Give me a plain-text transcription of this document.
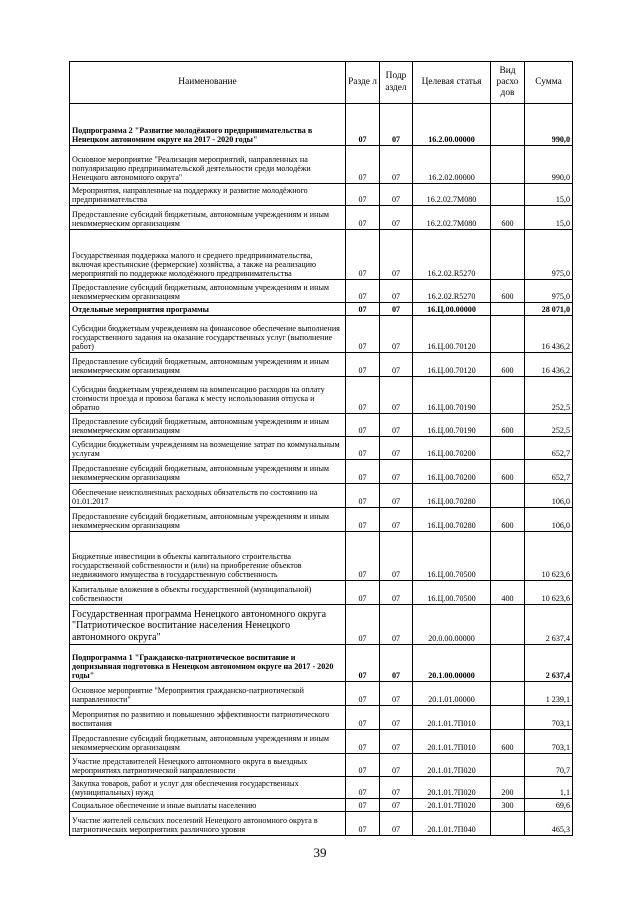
Наименование	Разде л	Подр аздел	Целевая статья	Вид расхо дов	Сумма
Подпрограмма 2 "Развитие молодёжного предпринимательства в Ненецком автономном округе на 2017 - 2020 годы"	07	07	16.2.00.00000		990,0
Основное мероприятие "Реализация мероприятий, направленных на популяризацию предпринимательской деятельности среди молодёжи Ненецкого автономного округа"	07	07	16.2.02.00000		990,0
Мероприятия, направленные на поддержку и развитие молодёжного предпринимательства	07	07	16.2.02.7М080		15,0
Предоставление субсидий бюджетным, автономным учреждениям и иным некоммерческим организациям	07	07	16.2.02.7М080	600	15,0
Государственная поддержка малого и среднего предпринимательства, включая крестьянские (фермерские) хозяйства, а также на реализацию мероприятий по поддержке молодёжного предпринимательства	07	07	16.2.02.R5270		975,0
Предоставление субсидий бюджетным, автономным учреждениям и иным некоммерческим организациям	07	07	16.2.02.R5270	600	975,0
Отдельные мероприятия программы	07	07	16.Ц.00.00000		28 071,0
Субсидии бюджетным учреждениям на финансовое обеспечение выполнения государственного задания на оказание государственных услуг (выполнение работ)	07	07	16.Ц.00.70120		16 436,2
Предоставление субсидий бюджетным, автономным учреждениям и иным некоммерческим организациям	07	07	16.Ц.00.70120	600	16 436,2
Субсидии бюджетным учреждениям на компенсацию расходов на оплату стоимости проезда и провоза багажа к месту использования отпуска и обратно	07	07	16.Ц.00.70190		252,5
Предоставление субсидий бюджетным, автономным учреждениям и иным некоммерческим организациям	07	07	16.Ц.00.70190	600	252,5
Субсидии бюджетным учреждениям на возмещение затрат по коммунальным услугам	07	07	16.Ц.00.70200		652,7
Предоставление субсидий бюджетным, автономным учреждениям и иным некоммерческим организациям	07	07	16.Ц.00.70200	600	652,7
Обеспечение неисполненных расходных обязательств по состоянию на 01.01.2017	07	07	16.Ц.00.70280		106,0
Предоставление субсидий бюджетным, автономным учреждениям и иным некоммерческим организациям	07	07	16.Ц.00.70280	600	106,0
Бюджетные инвестиции в объекты капитального строительства государственной собственности и (или) на приобретение объектов недвижимого имущества в государственную собственность	07	07	16.Ц.00.70500		10 623,6
Капитальные вложения в объекты государственной (муниципальной) собственности	07	07	16.Ц.00.70500	400	10 623,6
Государственная программа Ненецкого автономного округа "Патриотическое воспитание населения Ненецкого автономного округа"	07	07	20.0.00.00000		2 637,4
Подпрограмма 1 "Гражданско-патриотическое воспитание и допризывная подготовка в Ненецком автономном округе на 2017 - 2020 годы"	07	07	20.1.00.00000		2 637,4
Основное мероприятие "Мероприятия гражданско-патриотической направленности"	07	07	20.1.01.00000		1 239,1
Мероприятия по развитию и повышению эффективности патриотического воспитания	07	07	20.1.01.7П010		703,1
Предоставление субсидий бюджетным, автономным учреждениям и иным некоммерческим организациям	07	07	20.1.01.7П010	600	703,1
Участие представителей Ненецкого автономного округа в выездных мероприятиях патриотической направленности	07	07	20.1.01.7П020		70,7
Закупка товаров, работ и услуг для обеспечения государственных (муниципальных) нужд	07	07	20.1.01.7П020	200	1,1
Социальное обеспечение и иные выплаты населению	07	07	20.1.01.7П020	300	69,6
Участие жителей сельских поселений Ненецкого автономного округа в патриотических мероприятиях различного уровня	07	07	20.1.01.7П040		465,3
39
